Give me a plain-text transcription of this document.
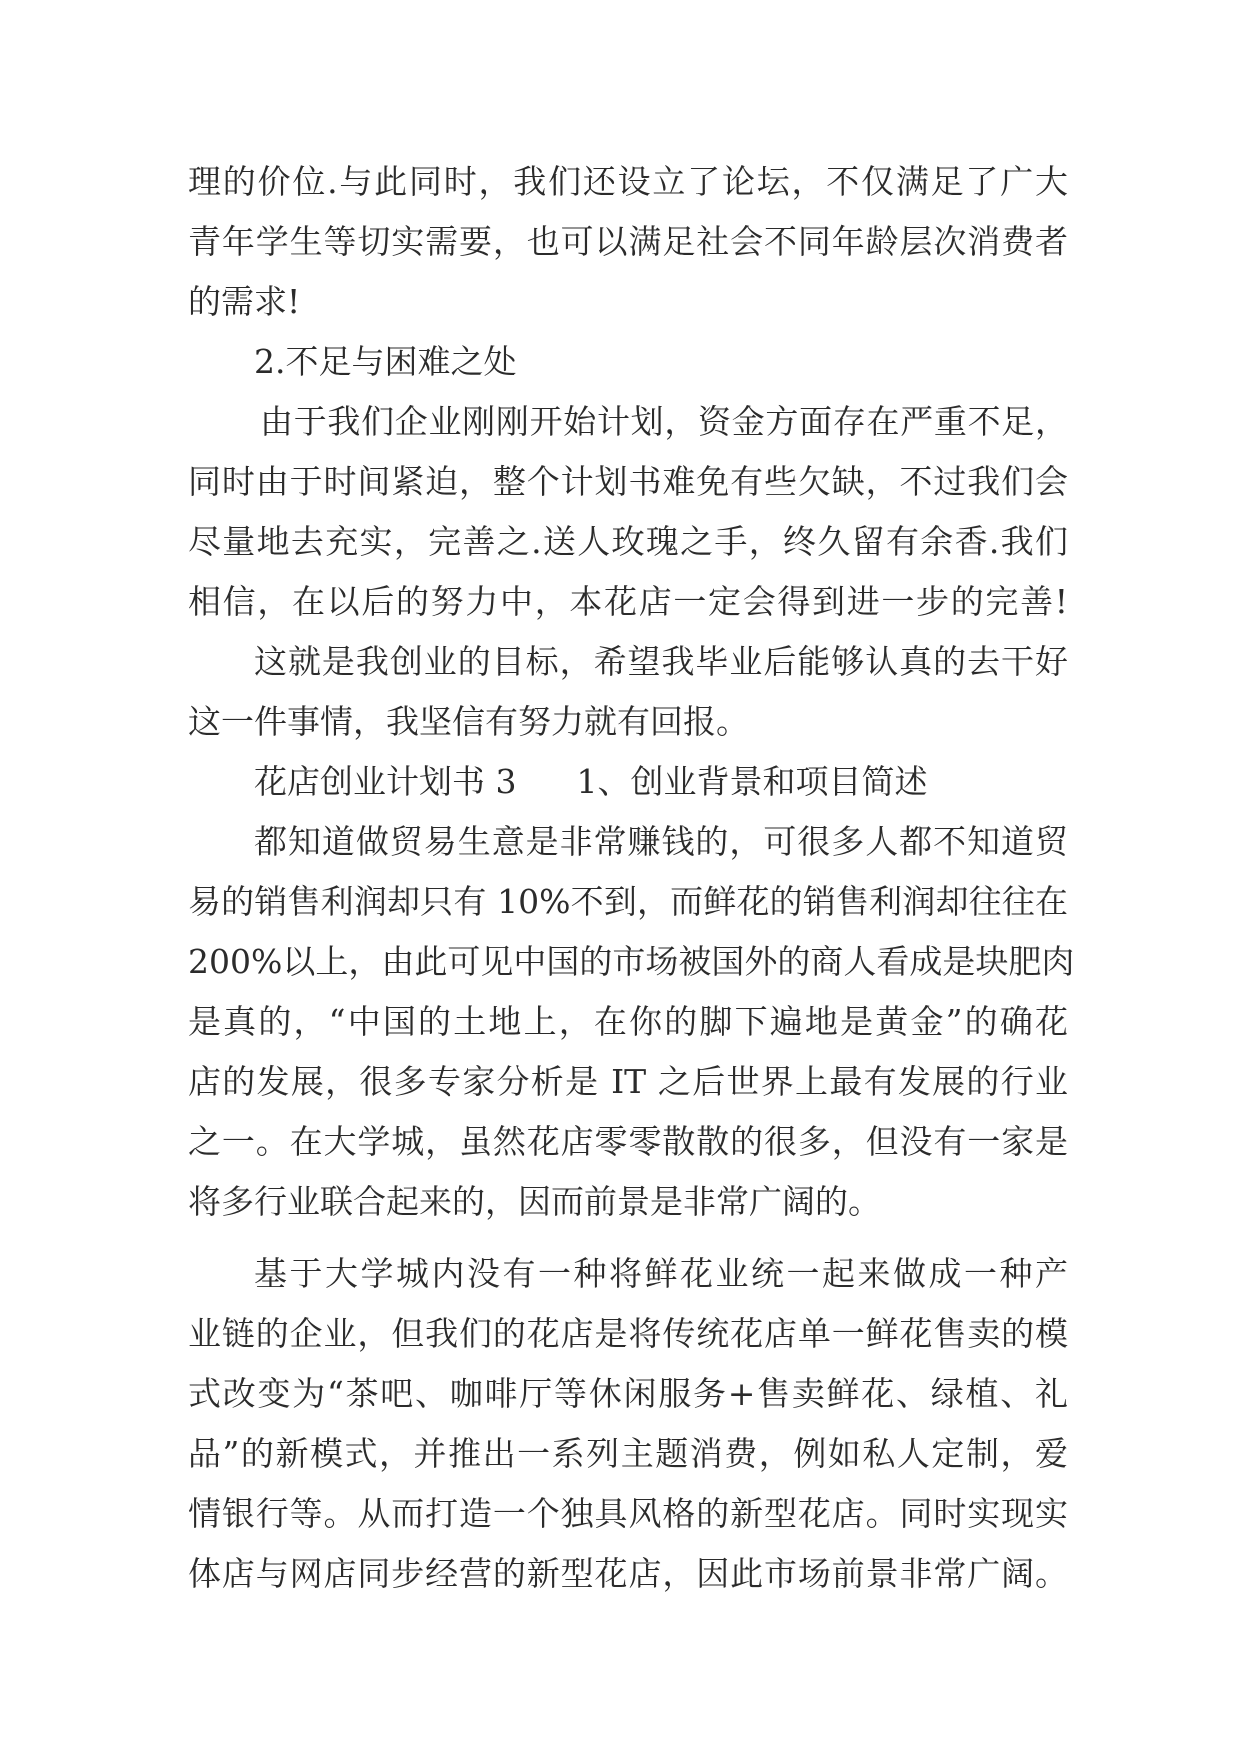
理的价位.与此同时，我们还设立了论坛，不仅满足了广大
青年学生等切实需要，也可以满足社会不同年龄层次消费者
的需求!
2.不足与困难之处
由于我们企业刚刚开始计划，资金方面存在严重不足，
同时由于时间紧迫，整个计划书难免有些欠缺，不过我们会
尽量地去充实，完善之.送人玫瑰之手，终久留有余香.我们
相信，在以后的努力中，本花店一定会得到进一步的完善!
这就是我创业的目标，希望我毕业后能够认真的去干好
这一件事情，我坚信有努力就有回报。
花店创业计划书 3 1、创业背景和项目简述
都知道做贸易生意是非常赚钱的，可很多人都不知道贸
易的销售利润却只有 10%不到，而鲜花的销售利润却往往在
200%以上，由此可见中国的市场被国外的商人看成是块肥肉
是真的，“中国的土地上，在你的脚下遍地是黄金”的确花
店的发展，很多专家分析是 IT 之后世界上最有发展的行业
之一。在大学城，虽然花店零零散散的很多，但没有一家是
将多行业联合起来的，因而前景是非常广阔的。
基于大学城内没有一种将鲜花业统一起来做成一种产
业链的企业，但我们的花店是将传统花店单一鲜花售卖的模
式改变为“茶吧、咖啡厅等休闲服务+售卖鲜花、绿植、礼
品”的新模式，并推出一系列主题消费，例如私人定制，爱
情银行等。从而打造一个独具风格的新型花店。同时实现实
体店与网店同步经营的新型花店，因此市场前景非常广阔。
